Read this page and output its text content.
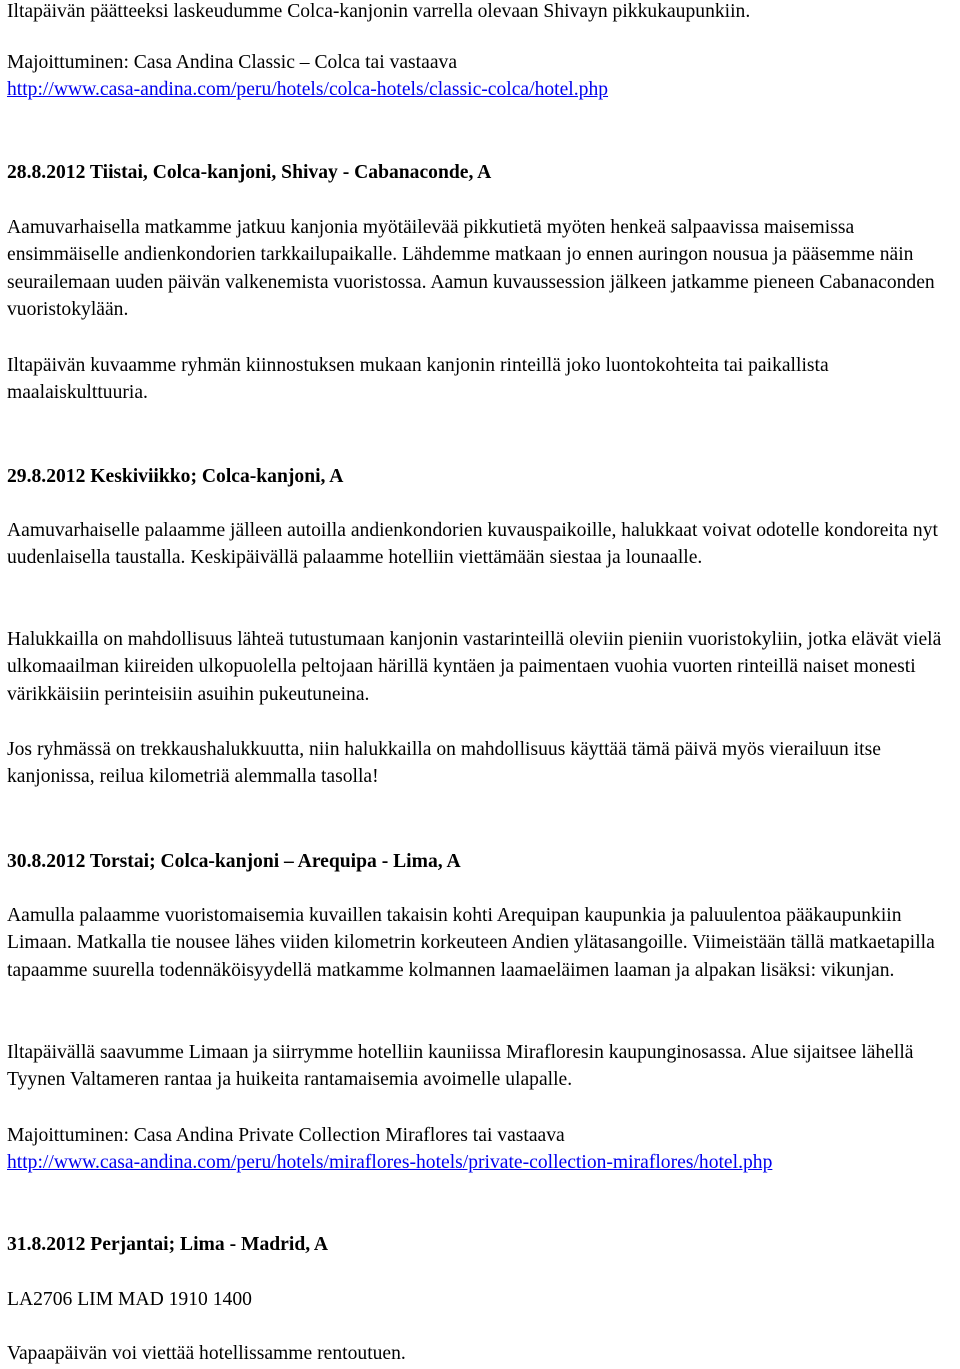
Iltapäivän päätteeksi laskeudumme Colca-kanjonin varrella olevaan Shivayn pikkukaupunkiin.

Majoittuminen: Casa Andina Classic – Colca tai vastaava

http://www.casa-andina.com/peru/hotels/colca-hotels/classic-colca/hotel.php

28.8.2012 Tiistai, Colca-kanjoni, Shivay - Cabanaconde, A

Aamuvarhaisella matkamme jatkuu kanjonia myötäilevää pikkutietä myöten henkeä salpaavissa maisemissa ensimmäiselle andienkondorien tarkkailupaikalle. Lähdemme matkaan jo ennen auringon nousua ja pääsemme näin seurailemaan uuden päivän valkenemista vuoristossa. Aamun kuvaussession jälkeen jatkamme pieneen Cabanaconden vuoristokylään.

Iltapäivän kuvaamme ryhmän kiinnostuksen mukaan kanjonin rinteillä joko luontokohteita tai paikallista maalaiskulttuuria.

29.8.2012 Keskiviikko; Colca-kanjoni, A

Aamuvarhaiselle palaamme jälleen autoilla andienkondorien kuvauspaikoille, halukkaat voivat odotelle kondoreita nyt uudenlaisella taustalla. Keskipäivällä palaamme hotelliin viettämään siestaa ja lounaalle.

Halukkailla on mahdollisuus lähteä tutustumaan kanjonin vastarinteillä oleviin pieniin vuoristokyliin, jotka elävät vielä ulkomaailman kiireiden ulkopuolella peltojaan härillä kyntäen ja paimentaen vuohia vuorten rinteillä naiset monesti värikkäisiin perinteisiin asuihin pukeutuneina.

Jos ryhmässä on trekkaushalukkuutta, niin halukkailla on mahdollisuus käyttää tämä päivä myös vierailuun itse kanjonissa, reilua kilometriä alemmalla tasolla!

30.8.2012 Torstai; Colca-kanjoni – Arequipa - Lima, A

Aamulla palaamme vuoristomaisemia kuvaillen takaisin kohti Arequipan kaupunkia ja paluulentoa pääkaupunkiin Limaan. Matkalla tie nousee lähes viiden kilometrin korkeuteen Andien ylätasangoille. Viimeistään tällä matkaetapilla tapaamme suurella todennäköisyydellä matkamme kolmannen laamaeläimen laaman ja alpakan lisäksi: vikunjan.

Iltapäivällä saavumme Limaan ja siirrymme hotelliin kauniissa Mirafloresin kaupunginosassa. Alue sijaitsee lähellä Tyynen Valtameren rantaa ja huikeita rantamaisemia avoimelle ulapalle.

Majoittuminen: Casa Andina Private Collection Miraflores tai vastaava

http://www.casa-andina.com/peru/hotels/miraflores-hotels/private-collection-miraflores/hotel.php

31.8.2012 Perjantai; Lima - Madrid, A

LA2706 LIM MAD 1910 1400

Vapaapäivän voi viettää hotellissamme rentoutuen.
